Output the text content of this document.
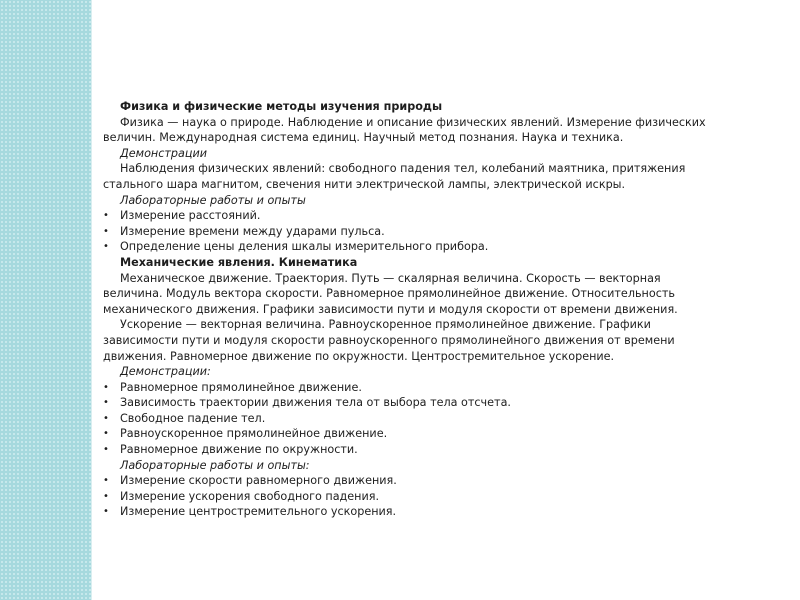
Физика и физические методы изучения природы
Физика — наука о природе. Наблюдение и описание физических явлений. Измерение физических
величин. Международная система единиц. Научный метод познания. Наука и техника.
Демонстрации
Наблюдения физических явлений: свободного падения тел, колебаний маятника, притяжения
стального шара магнитом, свечения нити электрической лампы, электрической искры.
Лабораторные работы и опыты
• Измерение расстояний.
• Измерение времени между ударами пульса.
• Определение цены деления шкалы измерительного прибора.
Механические явления. Кинематика
Механическое движение. Траектория. Путь — скалярная величина. Скорость — векторная
величина. Модуль вектора скорости. Равномерное прямолинейное движение. Относительность
механического движения. Графики зависимости пути и модуля скорости от времени движения.
Ускорение — векторная величина. Равноускоренное прямолинейное движение. Графики
зависимости пути и модуля скорости равноускоренного прямолинейного движения от времени
движения. Равномерное движение по окружности. Центростремительное ускорение.
Демонстрации:
• Равномерное прямолинейное движение.
• Зависимость траектории движения тела от выбора тела отсчета.
• Свободное падение тел.
• Равноускоренное прямолинейное движение.
• Равномерное движение по окружности.
Лабораторные работы и опыты:
• Измерение скорости равномерного движения.
• Измерение ускорения свободного падения.
• Измерение центростремительного ускорения.
